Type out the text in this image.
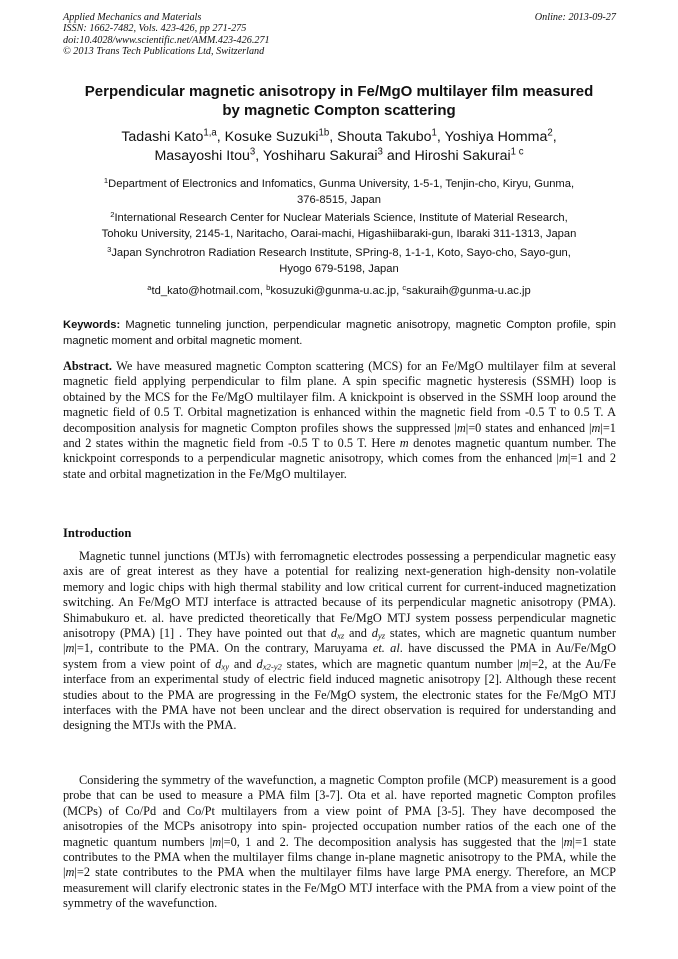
Applied Mechanics and Materials
ISSN: 1662-7482, Vols. 423-426, pp 271-275
doi:10.4028/www.scientific.net/AMM.423-426.271
© 2013 Trans Tech Publications Ltd, Switzerland
Online: 2013-09-27
Perpendicular magnetic anisotropy in Fe/MgO multilayer film measured
by magnetic Compton scattering
Tadashi Kato$^{1,a}$, Kosuke Suzuki$^{1b}$, Shouta Takubo$^1$, Yoshiya Homma$^2$,
Masayoshi Itou$^3$, Yoshiharu Sakurai$^3$ and Hiroshi Sakurai$^{1 c}$
$^1$Department of Electronics and Infomatics, Gunma University, 1-5-1, Tenjin-cho, Kiryu, Gunma,
376-8515, Japan
$^2$International Research Center for Nuclear Materials Science, Institute of Material Research,
Tohoku University, 2145-1, Naritacho, Oarai-machi, Higashiibaraki-gun, Ibaraki 311-1313, Japan
$^3$Japan Synchrotron Radiation Research Institute, SPring-8, 1-1-1, Koto, Sayo-cho, Sayo-gun,
Hyogo 679-5198, Japan
$^a$td_kato@hotmail.com, $^b$kosuzuki@gunma-u.ac.jp, $^c$sakuraih@gunma-u.ac.jp
Keywords: Magnetic tunneling junction, perpendicular magnetic anisotropy, magnetic Compton profile, spin magnetic moment and orbital magnetic moment.
Abstract. We have measured magnetic Compton scattering (MCS) for an Fe/MgO multilayer film at several magnetic field applying perpendicular to film plane. A spin specific magnetic hysteresis (SSMH) loop is obtained by the MCS for the Fe/MgO multilayer film. A knickpoint is observed in the SSMH loop around the magnetic field of 0.5 T. Orbital magnetization is enhanced within the magnetic field from -0.5 T to 0.5 T. A decomposition analysis for magnetic Compton profiles shows the suppressed |m|=0 states and enhanced |m|=1 and 2 states within the magnetic field from -0.5 T to 0.5 T. Here m denotes magnetic quantum number. The knickpoint corresponds to a perpendicular magnetic anisotropy, which comes from the enhanced |m|=1 and 2 state and orbital magnetization in the Fe/MgO multilayer.
Introduction
Magnetic tunnel junctions (MTJs) with ferromagnetic electrodes possessing a perpendicular magnetic easy axis are of great interest as they have a potential for realizing next-generation high-density non-volatile memory and logic chips with high thermal stability and low critical current for current-induced magnetization switching. An Fe/MgO MTJ interface is attracted because of its perpendicular magnetic anisotropy (PMA). Shimabukuro et. al. have predicted theoretically that Fe/MgO MTJ system possess perpendicular magnetic anisotropy (PMA) [1] . They have pointed out that $d_{xz}$ and $d_{yz}$ states, which are magnetic quantum number |m|=1, contribute to the PMA. On the contrary, Maruyama et. al. have discussed the PMA in Au/Fe/MgO system from a view point of $d_{xy}$ and $d_{x2-y2}$ states, which are magnetic quantum number |m|=2, at the Au/Fe interface from an experimental study of electric field induced magnetic anisotropy [2]. Although these recent studies about to the PMA are progressing in the Fe/MgO system, the electronic states for the Fe/MgO MTJ interfaces with the PMA have not been unclear and the direct observation is required for understanding and designing the MTJs with the PMA.
Considering the symmetry of the wavefunction, a magnetic Compton profile (MCP) measurement is a good probe that can be used to measure a PMA film [3-7]. Ota et al. have reported magnetic Compton profiles (MCPs) of Co/Pd and Co/Pt multilayers from a view point of PMA [3-5]. They have decomposed the anisotropies of the MCPs anisotropy into spin- projected occupation number ratios of the each one of the magnetic quantum numbers |m|=0, 1 and 2. The decomposition analysis has suggested that the |m|=1 state contributes to the PMA when the multilayer films change in-plane magnetic anisotropy to the PMA, while the |m|=2 state contributes to the PMA when the multilayer films have large PMA energy. Therefore, an MCP measurement will clarify electronic states in the Fe/MgO MTJ interface with the PMA from a view point of the symmetry of the wavefunction.
